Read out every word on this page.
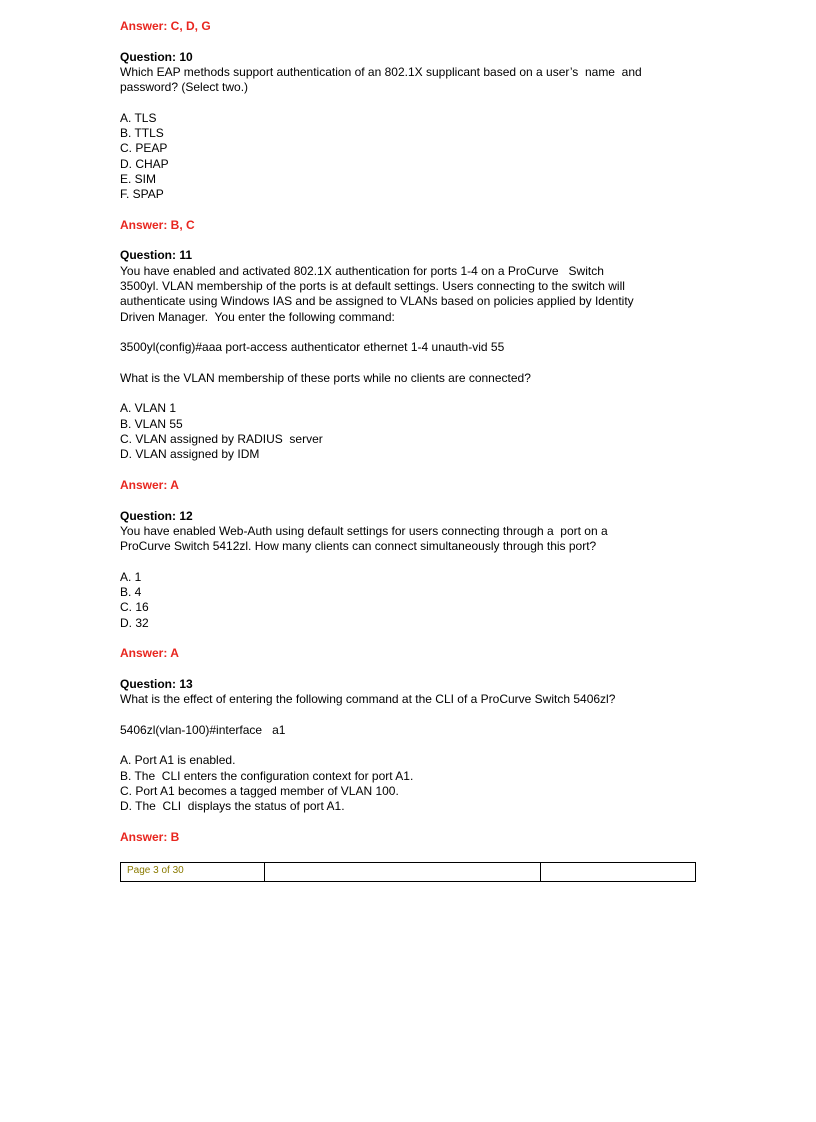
Answer: C, D, G
Question: 10
Which EAP methods support authentication of an 802.1X supplicant based on a user’s  name  and
password? (Select two.)
A. TLS
B. TTLS
C. PEAP
D. CHAP
E. SIM
F. SPAP
Answer: B, C
Question: 11
You have enabled and activated 802.1X authentication for ports 1-4 on a ProCurve   Switch
3500yl. VLAN membership of the ports is at default settings. Users connecting to the switch will
authenticate using Windows IAS and be assigned to VLANs based on policies applied by Identity
Driven Manager.  You enter the following command:
3500yl(config)#aaa port-access authenticator ethernet 1-4 unauth-vid 55
What is the VLAN membership of these ports while no clients are connected?
A. VLAN 1
B. VLAN 55
C. VLAN assigned by RADIUS  server
D. VLAN assigned by IDM
Answer: A
Question: 12
You have enabled Web-Auth using default settings for users connecting through a  port on a
ProCurve Switch 5412zl. How many clients can connect simultaneously through this port?
A. 1
B. 4
C. 16
D. 32
Answer: A
Question: 13
What is the effect of entering the following command at the CLI of a ProCurve Switch 5406zl?
5406zl(vlan-100)#interface   a1
A. Port A1 is enabled.
B. The  CLI enters the configuration context for port A1.
C. Port A1 becomes a tagged member of VLAN 100.
D. The  CLI  displays the status of port A1.
Answer: B
Page 3 of 30
